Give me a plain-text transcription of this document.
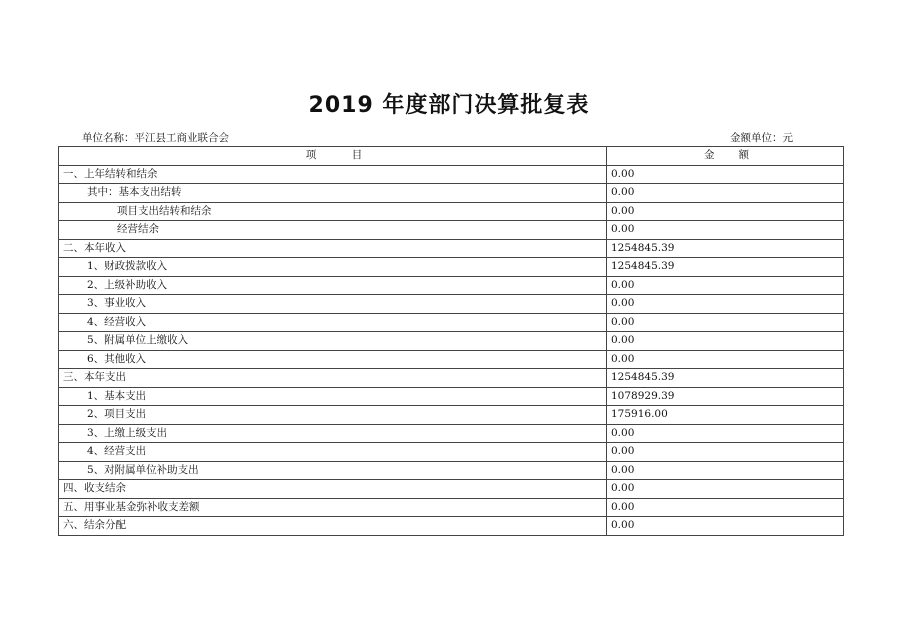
2019 年度部门决算批复表
单位名称：平江县工商业联合会	金额单位：元
项　　　目	金　　额
一、上年结转和结余	0.00
其中：基本支出结转	0.00
项目支出结转和结余	0.00
经营结余	0.00
二、本年收入	1254845.39
1、财政拨款收入	1254845.39
2、上级补助收入	0.00
3、事业收入	0.00
4、经营收入	0.00
5、附属单位上缴收入	0.00
6、其他收入	0.00
三、本年支出	1254845.39
1、基本支出	1078929.39
2、项目支出	175916.00
3、上缴上级支出	0.00
4、经营支出	0.00
5、对附属单位补助支出	0.00
四、收支结余	0.00
五、用事业基金弥补收支差额	0.00
六、结余分配	0.00
